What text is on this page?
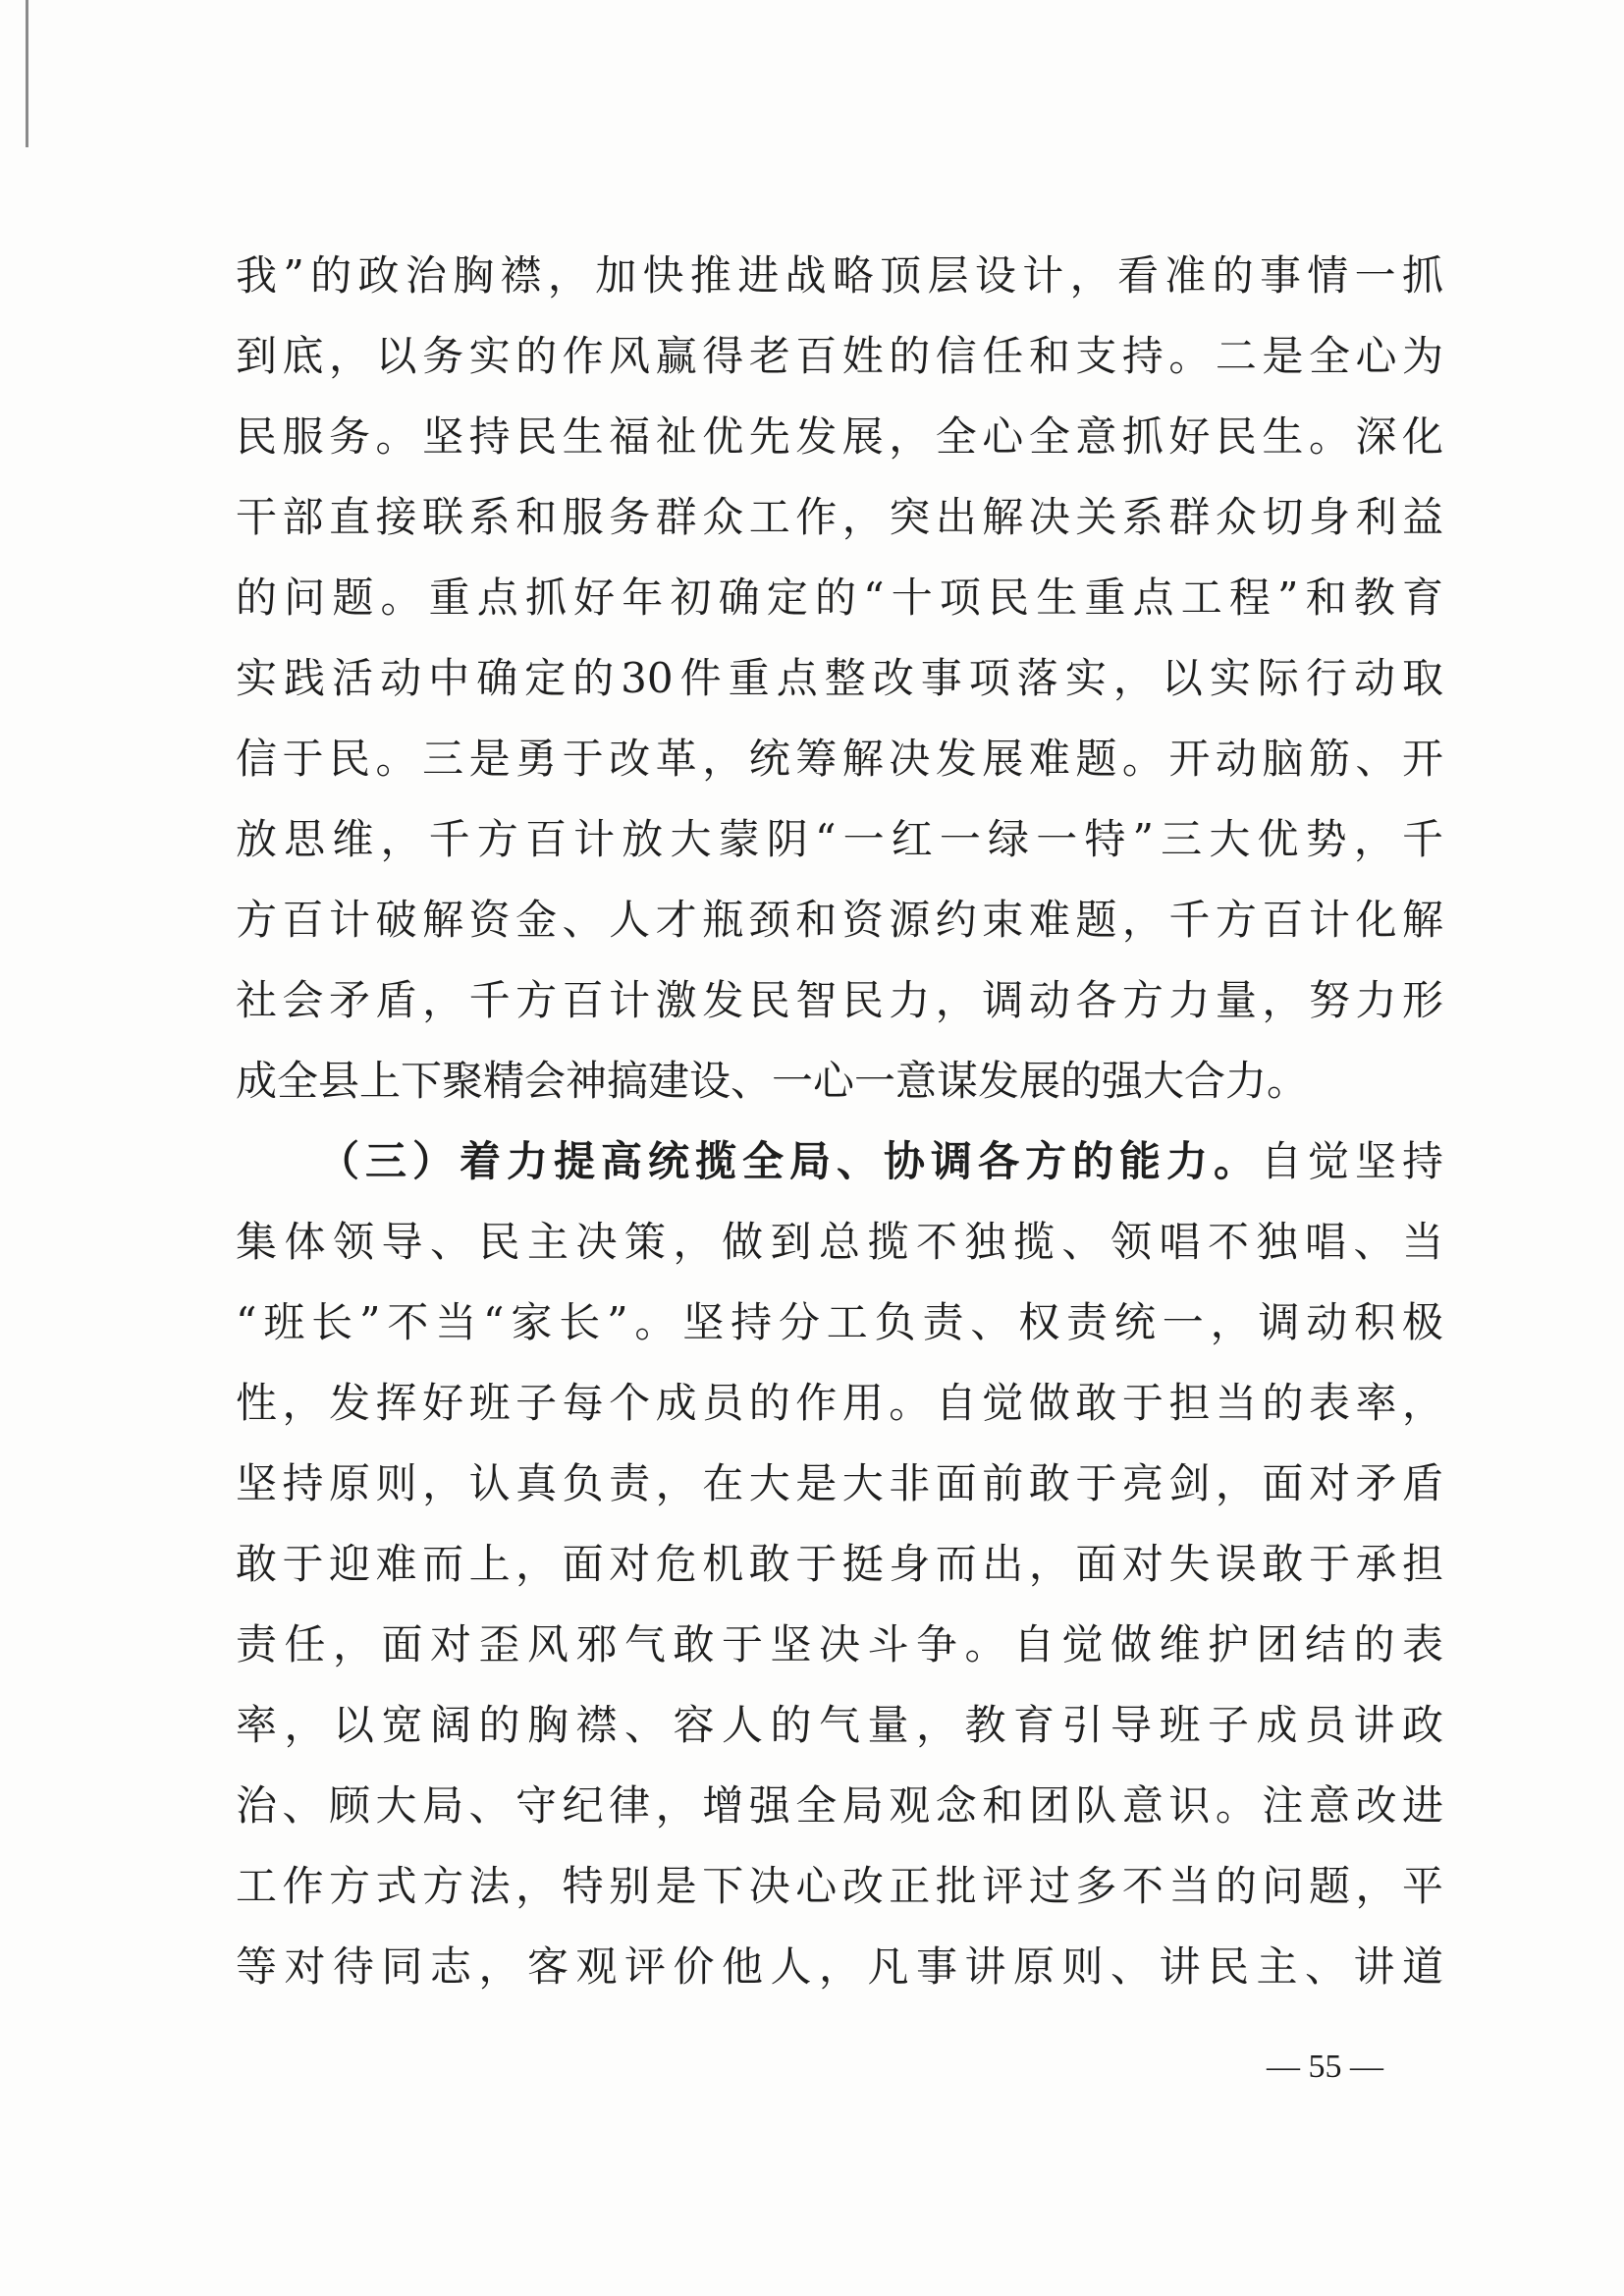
我”的政治胸襟，加快推进战略顶层设计，看准的事情一抓
到底，以务实的作风赢得老百姓的信任和支持。二是全心为
民服务。坚持民生福祉优先发展，全心全意抓好民生。深化
干部直接联系和服务群众工作，突出解决关系群众切身利益
的问题。重点抓好年初确定的“十项民生重点工程”和教育
实践活动中确定的30件重点整改事项落实，以实际行动取
信于民。三是勇于改革，统筹解决发展难题。开动脑筋、开
放思维，千方百计放大蒙阴“一红一绿一特”三大优势，千
方百计破解资金、人才瓶颈和资源约束难题，千方百计化解
社会矛盾，千方百计激发民智民力，调动各方力量，努力形
成全县上下聚精会神搞建设、一心一意谋发展的强大合力。
（三）着力提高统揽全局、协调各方的能力。自觉坚持
集体领导、民主决策，做到总揽不独揽、领唱不独唱、当
“班长”不当“家长”。坚持分工负责、权责统一，调动积极
性，发挥好班子每个成员的作用。自觉做敢于担当的表率，
坚持原则，认真负责，在大是大非面前敢于亮剑，面对矛盾
敢于迎难而上，面对危机敢于挺身而出，面对失误敢于承担
责任，面对歪风邪气敢于坚决斗争。自觉做维护团结的表
率，以宽阔的胸襟、容人的气量，教育引导班子成员讲政
治、顾大局、守纪律，增强全局观念和团队意识。注意改进
工作方式方法，特别是下决心改正批评过多不当的问题，平
等对待同志，客观评价他人，凡事讲原则、讲民主、讲道
— 55 —
